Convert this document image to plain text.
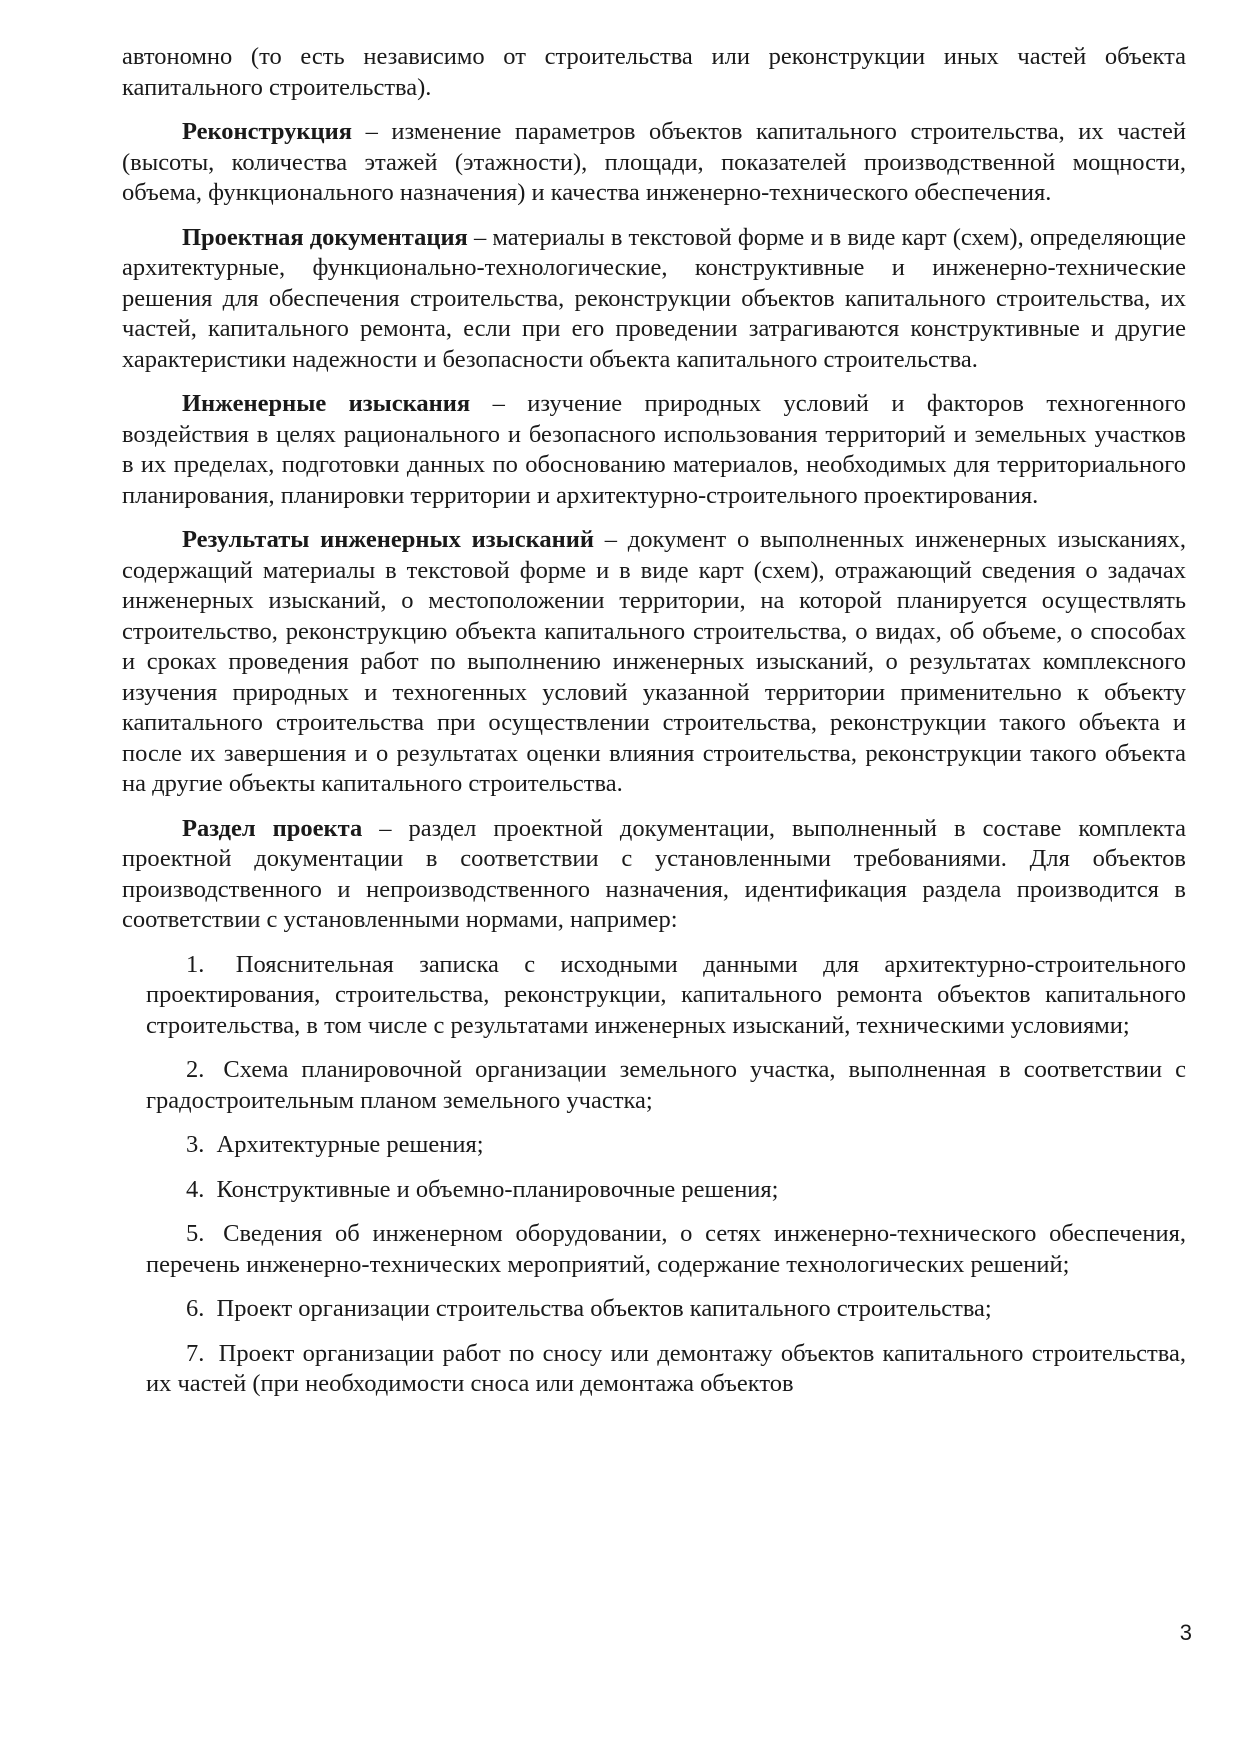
автономно (то есть независимо от строительства или реконструкции иных частей объекта капитального строительства).

Реконструкция – изменение параметров объектов капитального строительства, их частей (высоты, количества этажей (этажности), площади, показателей производственной мощности, объема, функционального назначения) и качества инженерно-технического обеспечения.

Проектная документация – материалы в текстовой форме и в виде карт (схем), определяющие архитектурные, функционально-технологические, конструктивные и инженерно-технические решения для обеспечения строительства, реконструкции объектов капитального строительства, их частей, капитального ремонта, если при его проведении затрагиваются конструктивные и другие характеристики надежности и безопасности объекта капитального строительства.

Инженерные изыскания – изучение природных условий и факторов техногенного воздействия в целях рационального и безопасного использования территорий и земельных участков в их пределах, подготовки данных по обоснованию материалов, необходимых для территориального планирования, планировки территории и архитектурно-строительного проектирования.

Результаты инженерных изысканий – документ о выполненных инженерных изысканиях, содержащий материалы в текстовой форме и в виде карт (схем), отражающий сведения о задачах инженерных изысканий, о местоположении территории, на которой планируется осуществлять строительство, реконструкцию объекта капитального строительства, о видах, об объеме, о способах и сроках проведения работ по выполнению инженерных изысканий, о результатах комплексного изучения природных и техногенных условий указанной территории применительно к объекту капитального строительства при осуществлении строительства, реконструкции такого объекта и после их завершения и о результатах оценки влияния строительства, реконструкции такого объекта на другие объекты капитального строительства.

Раздел проекта – раздел проектной документации, выполненный в составе комплекта проектной документации в соответствии с установленными требованиями. Для объектов производственного и непроизводственного назначения, идентификация раздела производится в соответствии с установленными нормами, например:

1. Пояснительная записка с исходными данными для архитектурно-строительного проектирования, строительства, реконструкции, капитального ремонта объектов капитального строительства, в том числе с результатами инженерных изысканий, техническими условиями;
2. Схема планировочной организации земельного участка, выполненная в соответствии с градостроительным планом земельного участка;
3. Архитектурные решения;
4. Конструктивные и объемно-планировочные решения;
5. Сведения об инженерном оборудовании, о сетях инженерно-технического обеспечения, перечень инженерно-технических мероприятий, содержание технологических решений;
6. Проект организации строительства объектов капитального строительства;
7. Проект организации работ по сносу или демонтажу объектов капитального строительства, их частей (при необходимости сноса или демонтажа объектов
3
